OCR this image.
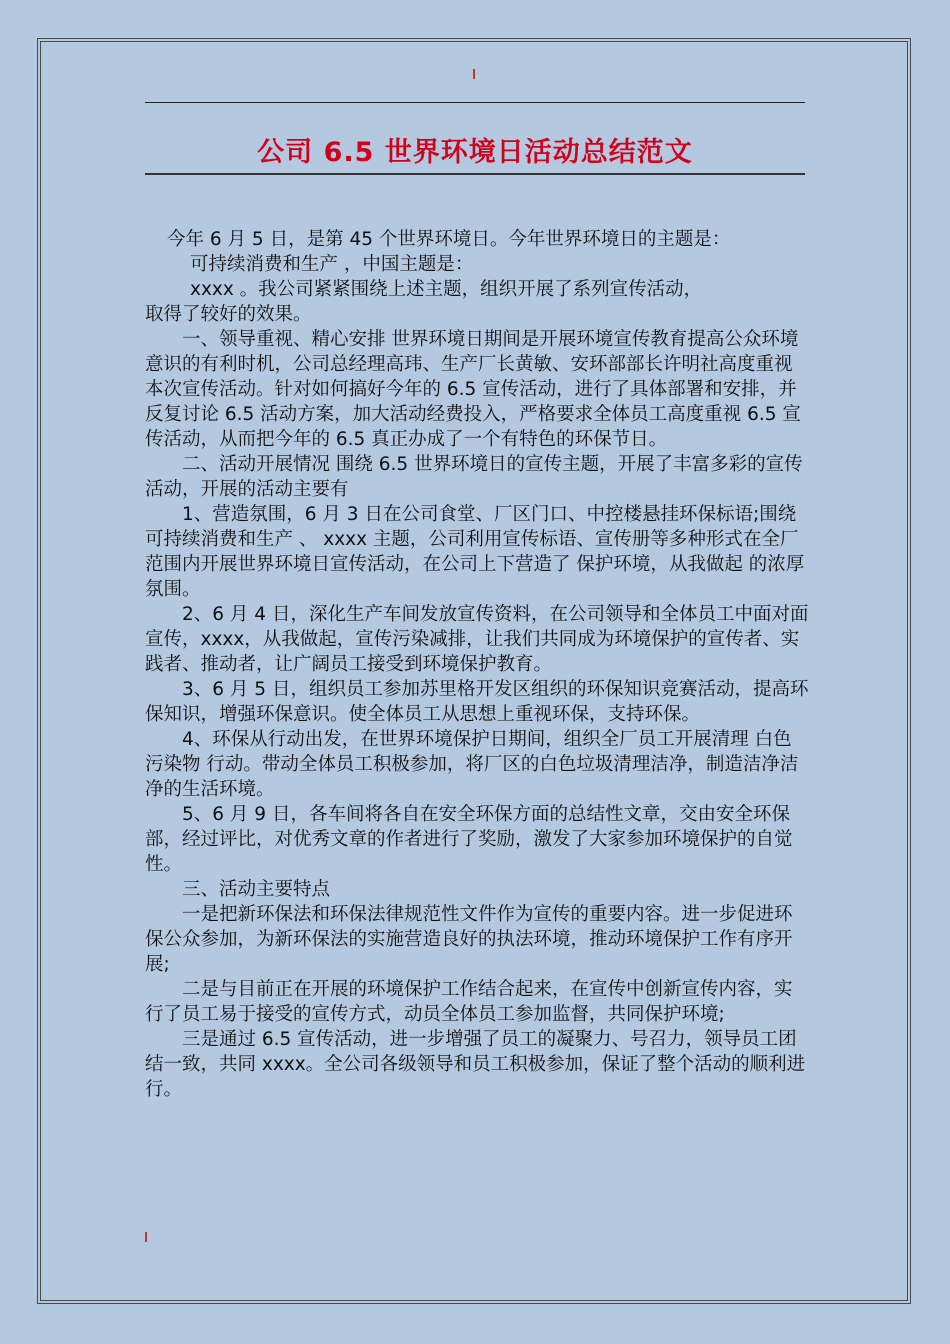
公司 6.5 世界环境日活动总结范文

今年 6 月 5 日，是第 45 个世界环境日。今年世界环境日的主题是：

可持续消费和生产 ，中国主题是：

xxxx 。我公司紧紧围绕上述主题，组织开展了系列宣传活动，

取得了较好的效果。

一、领导重视、精心安排 世界环境日期间是开展环境宣传教育提高公众环境意识的有利时机，公司总经理高玮、生产厂长黄敏、安环部部长许明社高度重视本次宣传活动。针对如何搞好今年的 6.5 宣传活动，进行了具体部署和安排，并反复讨论 6.5 活动方案，加大活动经费投入，严格要求全体员工高度重视 6.5 宣传活动，从而把今年的 6.5 真正办成了一个有特色的环保节日。

二、活动开展情况 围绕 6.5 世界环境日的宣传主题，开展了丰富多彩的宣传活动，开展的活动主要有

1、营造氛围，6 月 3 日在公司食堂、厂区门口、中控楼悬挂环保标语;围绕 可持续消费和生产 、 xxxx 主题，公司利用宣传标语、宣传册等多种形式在全厂范围内开展世界环境日宣传活动，在公司上下营造了 保护环境，从我做起 的浓厚氛围。

2、6 月 4 日，深化生产车间发放宣传资料，在公司领导和全体员工中面对面宣传，xxxx，从我做起，宣传污染减排，让我们共同成为环境保护的宣传者、实践者、推动者，让广阔员工接受到环境保护教育。

3、6 月 5 日，组织员工参加苏里格开发区组织的环保知识竞赛活动，提高环保知识，增强环保意识。使全体员工从思想上重视环保，支持环保。

4、环保从行动出发，在世界环境保护日期间，组织全厂员工开展清理 白色污染物 行动。带动全体员工积极参加，将厂区的白色垃圾清理洁净，制造洁净洁净的生活环境。

5、6 月 9 日，各车间将各自在安全环保方面的总结性文章，交由安全环保部，经过评比，对优秀文章的作者进行了奖励，激发了大家参加环境保护的自觉性。

三、活动主要特点

一是把新环保法和环保法律规范性文件作为宣传的重要内容。进一步促进环保公众参加，为新环保法的实施营造良好的执法环境，推动环境保护工作有序开展;

二是与目前正在开展的环境保护工作结合起来，在宣传中创新宣传内容，实行了员工易于接受的宣传方式，动员全体员工参加监督，共同保护环境;

三是通过 6.5 宣传活动，进一步增强了员工的凝聚力、号召力，领导员工团结一致，共同 xxxx。全公司各级领导和员工积极参加，保证了整个活动的顺利进行。
